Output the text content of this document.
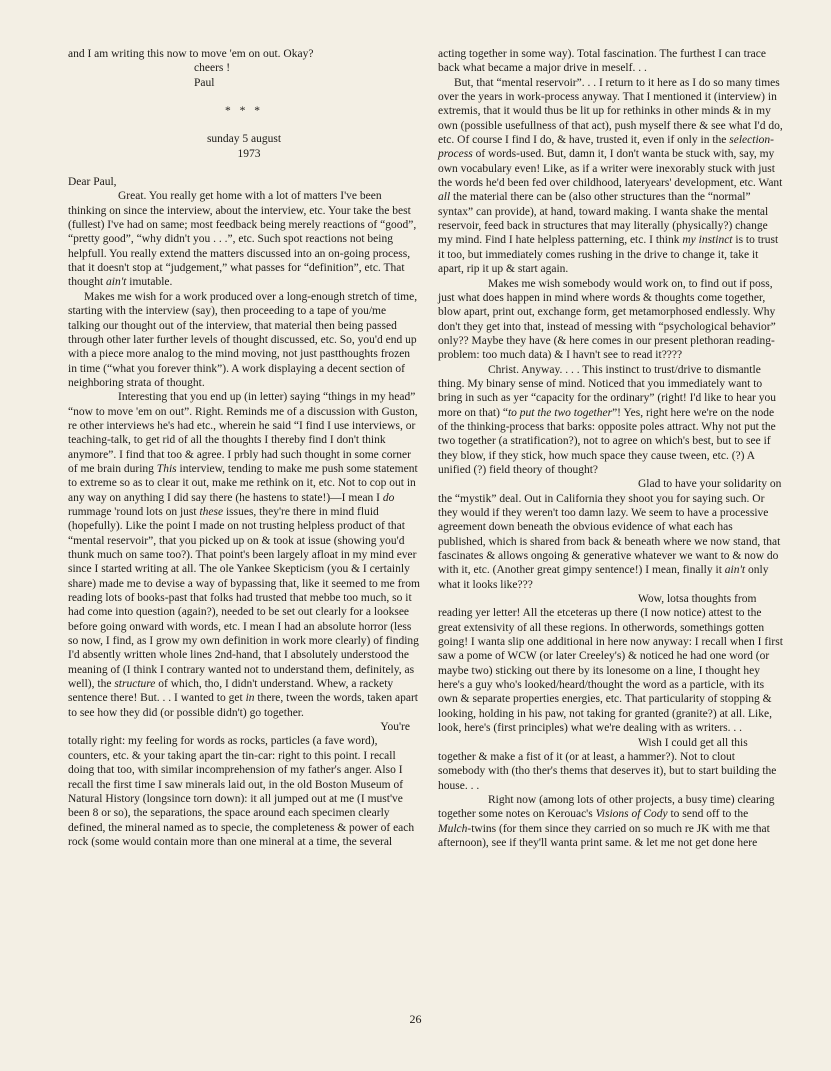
and I am writing this now to move 'em on out. Okay?

cheers !

Paul

* * *

sunday 5 august

1973

Dear Paul,

Great. You really get home with a lot of matters I've been thinking on since the interview, about the interview, etc. Your take the best (fullest) I've had on same; most feedback being merely reactions of “good”, “pretty good”, “why didn't you . . .”, etc. Such spot reactions not being helpfull. You really extend the matters discussed into an on-going process, that it doesn't stop at “judgement,” what passes for “definition”, etc. That thought ain't imutable.

Makes me wish for a work produced over a long-enough stretch of time, starting with the interview (say), then proceeding to a tape of you/me talking our thought out of the interview, that material then being passed through other later further levels of thought discussed, etc. So, you'd end up with a piece more analog to the mind moving, not just pastthoughts frozen in time (“what you forever think”). A work displaying a decent section of neighboring strata of thought.

Interesting that you end up (in letter) saying “things in my head” “now to move 'em on out”. Right. Reminds me of a discussion with Guston, re other interviews he's had etc., wherein he said “I find I use interviews, or teaching-talk, to get rid of all the thoughts I thereby find I don't think anymore”. I find that too & agree. I prbly had such thought in some corner of me brain during This interview, tending to make me push some statement to extreme so as to clear it out, make me rethink on it, etc. Not to cop out in any way on anything I did say there (he hastens to state!)—I mean I do rummage 'round lots on just these issues, they're there in mind fluid (hopefully). Like the point I made on not trusting helpless product of that “mental reservoir”, that you picked up on & took at issue (showing you'd thunk much on same too?). That point's been largely afloat in my mind ever since I started writing at all. The ole Yankee Skepticism (you & I certainly share) made me to devise a way of bypassing that, like it seemed to me from reading lots of books-past that folks had trusted that mebbe too much, so it had come into question (again?), needed to be set out clearly for a looksee before going onward with words, etc. I mean I had an absolute horror (less so now, I find, as I grow my own definition in work more clearly) of finding I'd absently written whole lines 2nd-hand, that I absolutely understood the meaning of (I think I contrary wanted not to understand them, definitely, as well), the structure of which, tho, I didn't understand. Whew, a rackety sentence there! But. . . I wanted to get in there, tween the words, taken apart to see how they did (or possible didn't) go together.

You're

totally right: my feeling for words as rocks, particles (a fave word), counters, etc. & your taking apart the tin-car: right to this point. I recall doing that too, with similar incomprehension of my father's anger. Also I recall the first time I saw minerals laid out, in the old Boston Museum of Natural History (longsince torn down): it all jumped out at me (I must've been 8 or so), the separations, the space around each specimen clearly defined, the mineral named as to specie, the completeness & power of each rock (some would contain more than one mineral at a time, the several

acting together in some way). Total fascination. The furthest I can trace back what became a major drive in meself. . .

But, that “mental reservoir”. . . I return to it here as I do so many times over the years in work-process anyway. That I mentioned it (interview) in extremis, that it would thus be lit up for rethinks in other minds & in my own (possible usefullness of that act), push myself there & see what I'd do, etc. Of course I find I do, & have, trusted it, even if only in the selection-process of words-used. But, damn it, I don't wanta be stuck with, say, my own vocabulary even! Like, as if a writer were inexorably stuck with just the words he'd been fed over childhood, lateryears' development, etc. Want all the material there can be (also other structures than the “normal” syntax” can provide), at hand, toward making. I wanta shake the mental reservoir, feed back in structures that may literally (physically?) change my mind. Find I hate helpless patterning, etc. I think my instinct is to trust it too, but immediately comes rushing in the drive to change it, take it apart, rip it up & start again.

Makes me wish somebody would work on, to find out if poss, just what does happen in mind where words & thoughts come together, blow apart, print out, exchange form, get metamorphosed endlessly. Why don't they get into that, instead of messing with “psychological behavior” only?? Maybe they have (& here comes in our present plethoran reading-problem: too much data) & I havn't see to read it????

Christ. Anyway. . . . This instinct to trust/drive to dismantle thing. My binary sense of mind. Noticed that you immediately want to bring in such as yer “capacity for the ordinary” (right! I'd like to hear you more on that) “to put the two together”! Yes, right here we're on the node of the thinking-process that barks: opposite poles attract. Why not put the two together (a stratification?), not to agree on which's best, but to see if they blow, if they stick, how much space they cause tween, etc. (?) A unified (?) field theory of thought?

Glad to have your solidarity on the “mystik” deal. Out in California they shoot you for saying such. Or they would if they weren't too damn lazy. We seem to have a processive agreement down beneath the obvious evidence of what each has published, which is shared from back & beneath where we now stand, that fascinates & allows ongoing & generative whatever we want to & now do with it, etc. (Another great gimpy sentence!) I mean, finally it ain't only what it looks like???

Wow, lotsa thoughts from reading yer letter! All the etceteras up there (I now notice) attest to the great extensivity of all these regions. In otherwords, somethings gotten going! I wanta slip one additional in here now anyway: I recall when I first saw a pome of WCW (or later Creeley's) & noticed he had one word (or maybe two) sticking out there by its lonesome on a line, I thought hey here's a guy who's looked/heard/thought the word as a particle, with its own & separate properties energies, etc. That particularity of stopping & looking, holding in his paw, not taking for granted (granite?) at all. Like, look, here's (first principles) what we're dealing with as writers. . .

Wish I could get all this together & make a fist of it (or at least, a hammer?). Not to clout somebody with (tho ther's thems that deserves it), but to start building the house. . .

Right now (among lots of other projects, a busy time) clearing together some notes on Kerouac's Visions of Cody to send off to the Mulch-twins (for them since they carried on so much re JK with me that afternoon), see if they'll wanta print same. & let me not get done here

26
